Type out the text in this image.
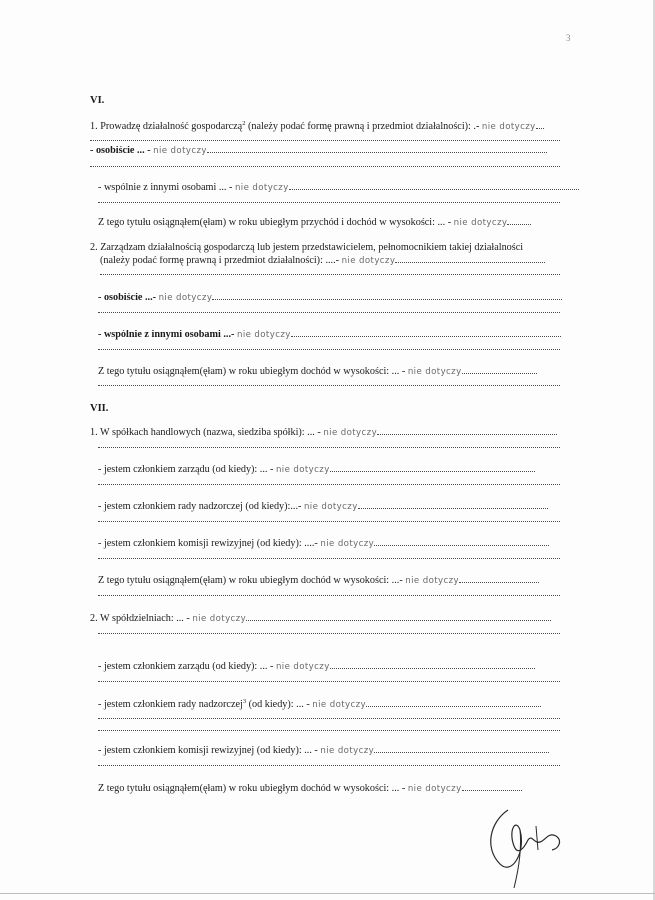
3
VI.
1. Prowadzę działalność gospodarczą$^2$ (należy podać formę prawną i przedmiot działalności): .- nie dotyczy
- osobiście ... - nie dotyczy
- wspólnie z innymi osobami ... - nie dotyczy
Z tego tytułu osiągnąłem(ęłam) w roku ubiegłym przychód i dochód w wysokości: ... - nie dotyczy
2. Zarządzam działalnością gospodarczą lub jestem przedstawicielem, pełnomocnikiem takiej działalności
(należy podać formę prawną i przedmiot działalności): ....- nie dotyczy
- osobiście ...- nie dotyczy
- wspólnie z innymi osobami ...- nie dotyczy
Z tego tytułu osiągnąłem(ęłam) w roku ubiegłym dochód w wysokości: ... - nie dotyczy
VII.
1. W spółkach handlowych (nazwa, siedziba spółki): ... - nie dotyczy
- jestem członkiem zarządu (od kiedy): ... - nie dotyczy
- jestem członkiem rady nadzorczej (od kiedy):...- nie dotyczy
- jestem członkiem komisji rewizyjnej (od kiedy): ....- nie dotyczy
Z tego tytułu osiągnąłem(ęłam) w roku ubiegłym dochód w wysokości: ...- nie dotyczy
2. W spółdzielniach: ... - nie dotyczy
- jestem członkiem zarządu (od kiedy): ... - nie dotyczy
- jestem członkiem rady nadzorczej$^3$ (od kiedy): ... - nie dotyczy
- jestem członkiem komisji rewizyjnej (od kiedy): ... - nie dotyczy
Z tego tytułu osiągnąłem(ęłam) w roku ubiegłym dochód w wysokości: ... - nie dotyczy
